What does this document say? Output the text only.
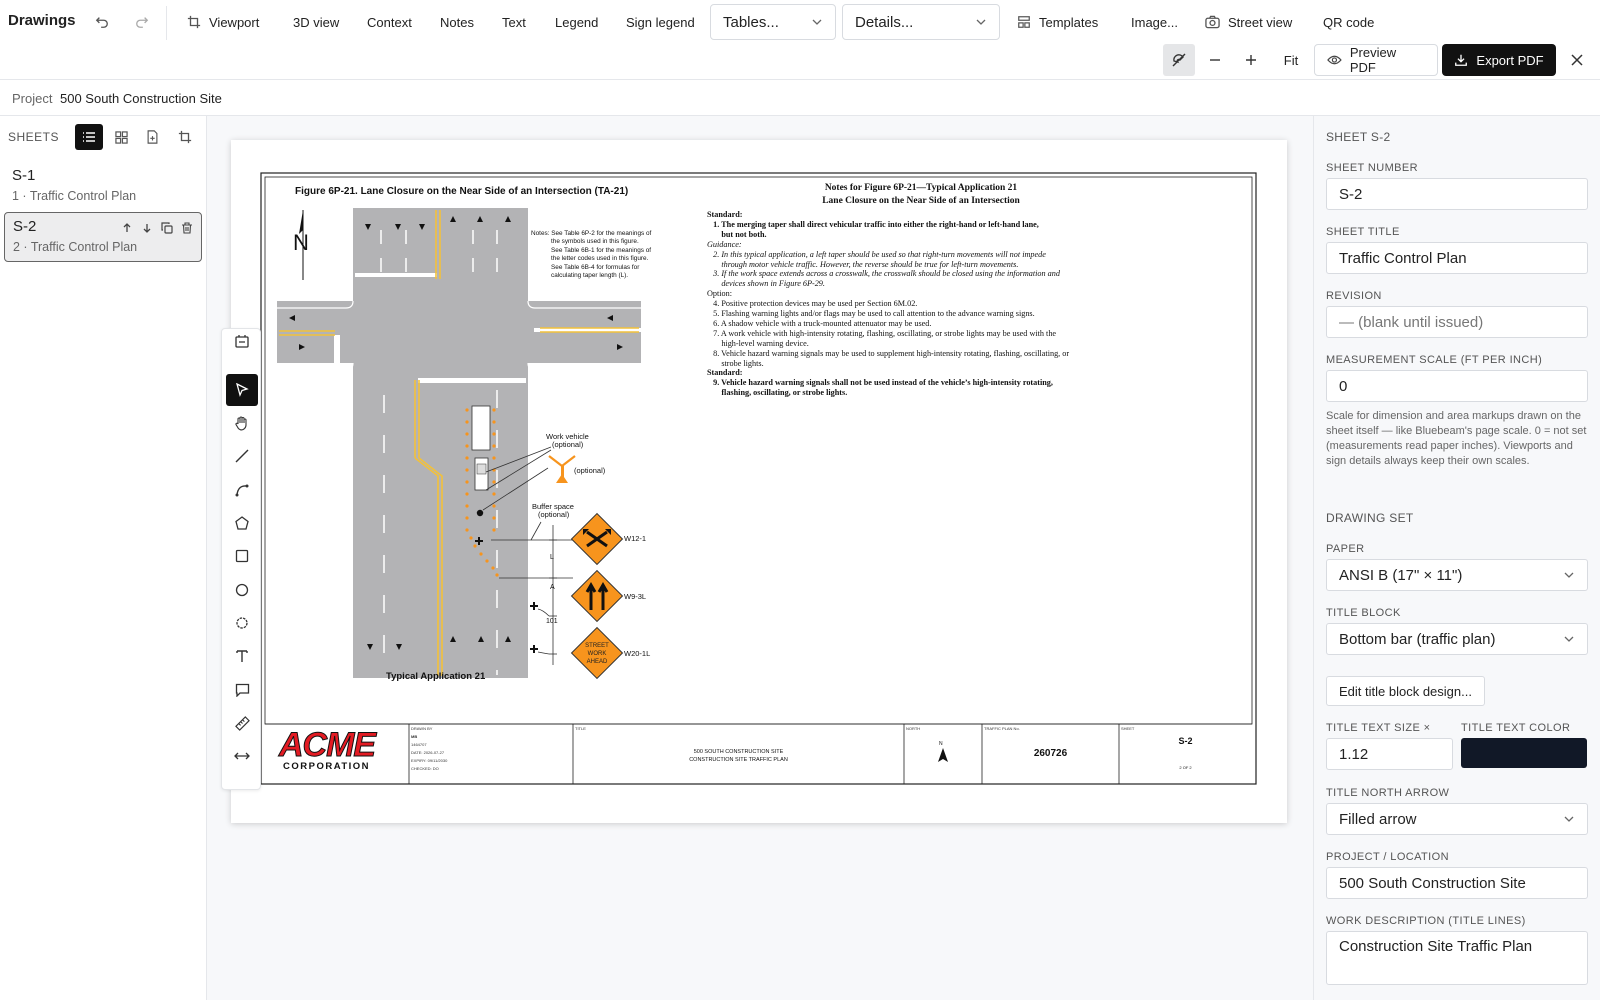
Drawings	Viewport	3D view Context Notes Text Legend Sign legend Tables...	Details...	Templates	Image...	Street view QR code
Fit	Preview PDF	Export PDF
Project 500 South Construction Site
SHEETS
S-1
1 · Traffic Control Plan
S-2
2 · Traffic Control Plan
STREET
WORK
AHEAD
Figure 6P-21. Lane Closure on the Near Side of an Intersection (TA-21)
N	Notes: See Table 6P-2 for the meanings of
the symbols used in this figure.
See Table 6B-1 for the meanings of
the letter codes used in this figure.
See Table 6B-4 for formulas for
calculating taper length (L).
Work vehicle
(optional)
(optional)
Buffer space
(optional)
L
A
101
W12-1
W9-3L
W20-1L
Typical Application 21
Notes for Figure 6P-21—Typical Application 21
Lane Closure on the Near Side of an Intersection
Standard:
1. The merging taper shall direct vehicular traffic into either the right-hand or left-hand lane,
but not both.
Guidance:
2. In this typical application, a left taper should be used so that right-turn movements will not impede
through motor vehicle traffic. However, the reverse should be true for left-turn movements.
3. If the work space extends across a crosswalk, the crosswalk should be closed using the information and
devices shown in Figure 6P-29.
Option:
4. Positive protection devices may be used per Section 6M.02.
5. Flashing warning lights and/or flags may be used to call attention to the advance warning signs.
6. A shadow vehicle with a truck-mounted attenuator may be used.
7. A work vehicle with high-intensity rotating, flashing, oscillating, or strobe lights may be used with the
high-level warning device.
8. Vehicle hazard warning signals may be used to supplement high-intensity rotating, flashing, oscillating, or
strobe lights.
Standard:
9. Vehicle hazard warning signals shall not be used instead of the vehicle’s high-intensity rotating,
flashing, oscillating, or strobe lights.
ACME
CORPORATION
DRAWN BY
MB
1464707
DATE: 2026-07-27
EXPIRY: 09/11/2030
CHECKED: DO
TITLE
500 SOUTH CONSTRUCTION SITE
CONSTRUCTION SITE TRAFFIC PLAN
NORTH
N
TRAFFIC PLAN No.
260726
SHEET
S-2
2 OF 2
SHEET S-2
SHEET NUMBER
S-2
SHEET TITLE
Traffic Control Plan
REVISION
— (blank until issued)
MEASUREMENT SCALE (FT PER INCH)
0
Scale for dimension and area markups drawn on the sheet itself — like Bluebeam's page scale. 0 = not set (measurements read paper inches). Viewports and sign details always keep their own scales.
DRAWING SET
PAPER
ANSI B (17" × 11")
TITLE BLOCK
Bottom bar (traffic plan)
Edit title block design...
TITLE TEXT SIZE ×
1.12
TITLE TEXT COLOR
TITLE NORTH ARROW
Filled arrow
PROJECT / LOCATION
500 South Construction Site
WORK DESCRIPTION (TITLE LINES)
Construction Site Traffic Plan
